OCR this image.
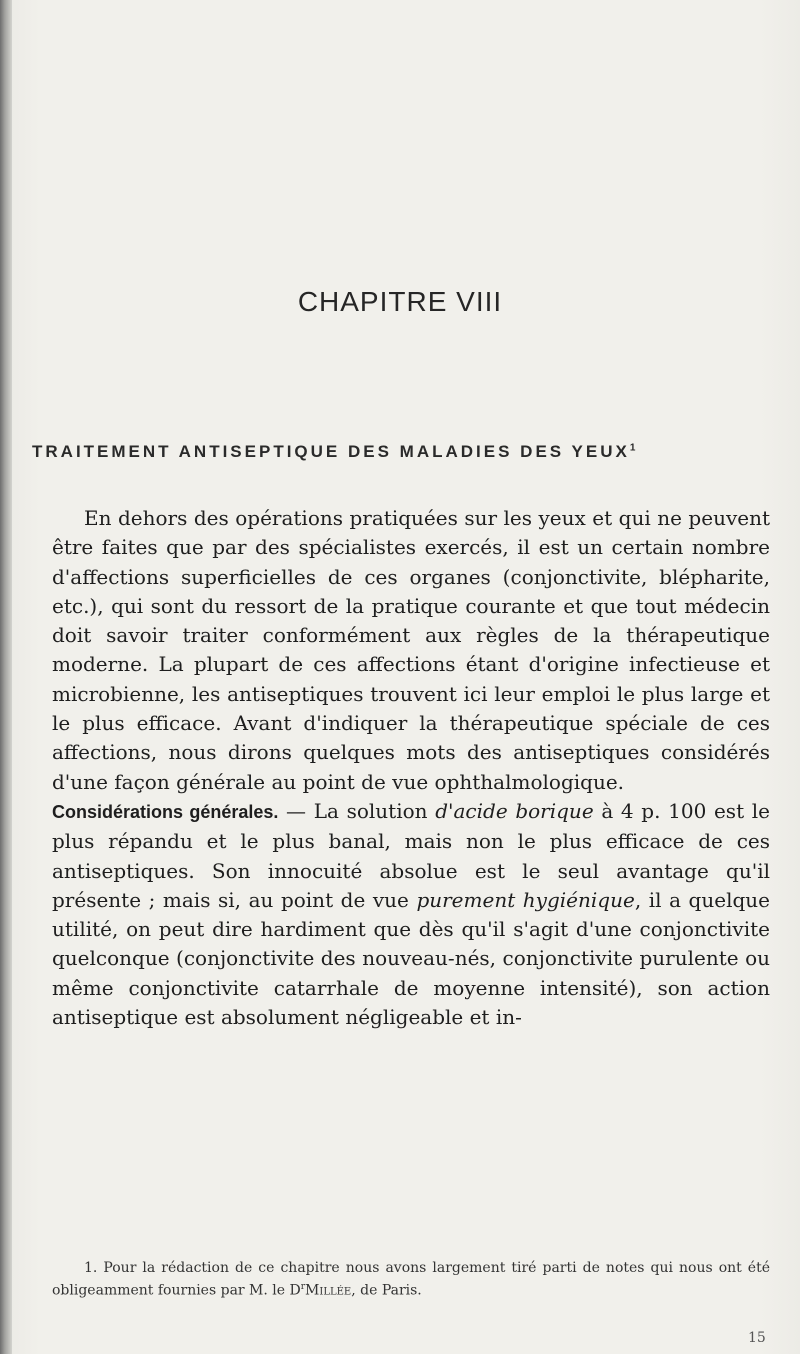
CHAPITRE VIII
TRAITEMENT ANTISEPTIQUE DES MALADIES DES YEUX$^1$

En dehors des opérations pratiquées sur les yeux et qui ne peuvent être faites que par des spécialistes exercés, il est un certain nombre d'affections superficielles de ces organes (conjonctivite, blépharite, etc.), qui sont du ressort de la pratique courante et que tout médecin doit savoir traiter conformément aux règles de la thérapeutique moderne. La plupart de ces affections étant d'origine infectieuse et microbienne, les antiseptiques trouvent ici leur emploi le plus large et le plus efficace. Avant d'indiquer la thérapeutique spéciale de ces affections, nous dirons quelques mots des antiseptiques considérés d'une façon générale au point de vue ophthalmologique.

Considérations générales. — La solution d'acide borique à 4 p. 100 est le plus répandu et le plus banal, mais non le plus efficace de ces antiseptiques. Son innocuité absolue est le seul avantage qu'il présente ; mais si, au point de vue purement hygiénique, il a quelque utilité, on peut dire hardiment que dès qu'il s'agit d'une conjonctivite quelconque (conjonctivite des nouveau-nés, conjonctivite purulente ou même conjonctivite catarrhale de moyenne intensité), son action antiseptique est absolument négligeable et in-

1. Pour la rédaction de ce chapitre nous avons largement tiré parti de notes qui nous ont été obligeamment fournies par M. le $D^rMillée$, de Paris.

15
